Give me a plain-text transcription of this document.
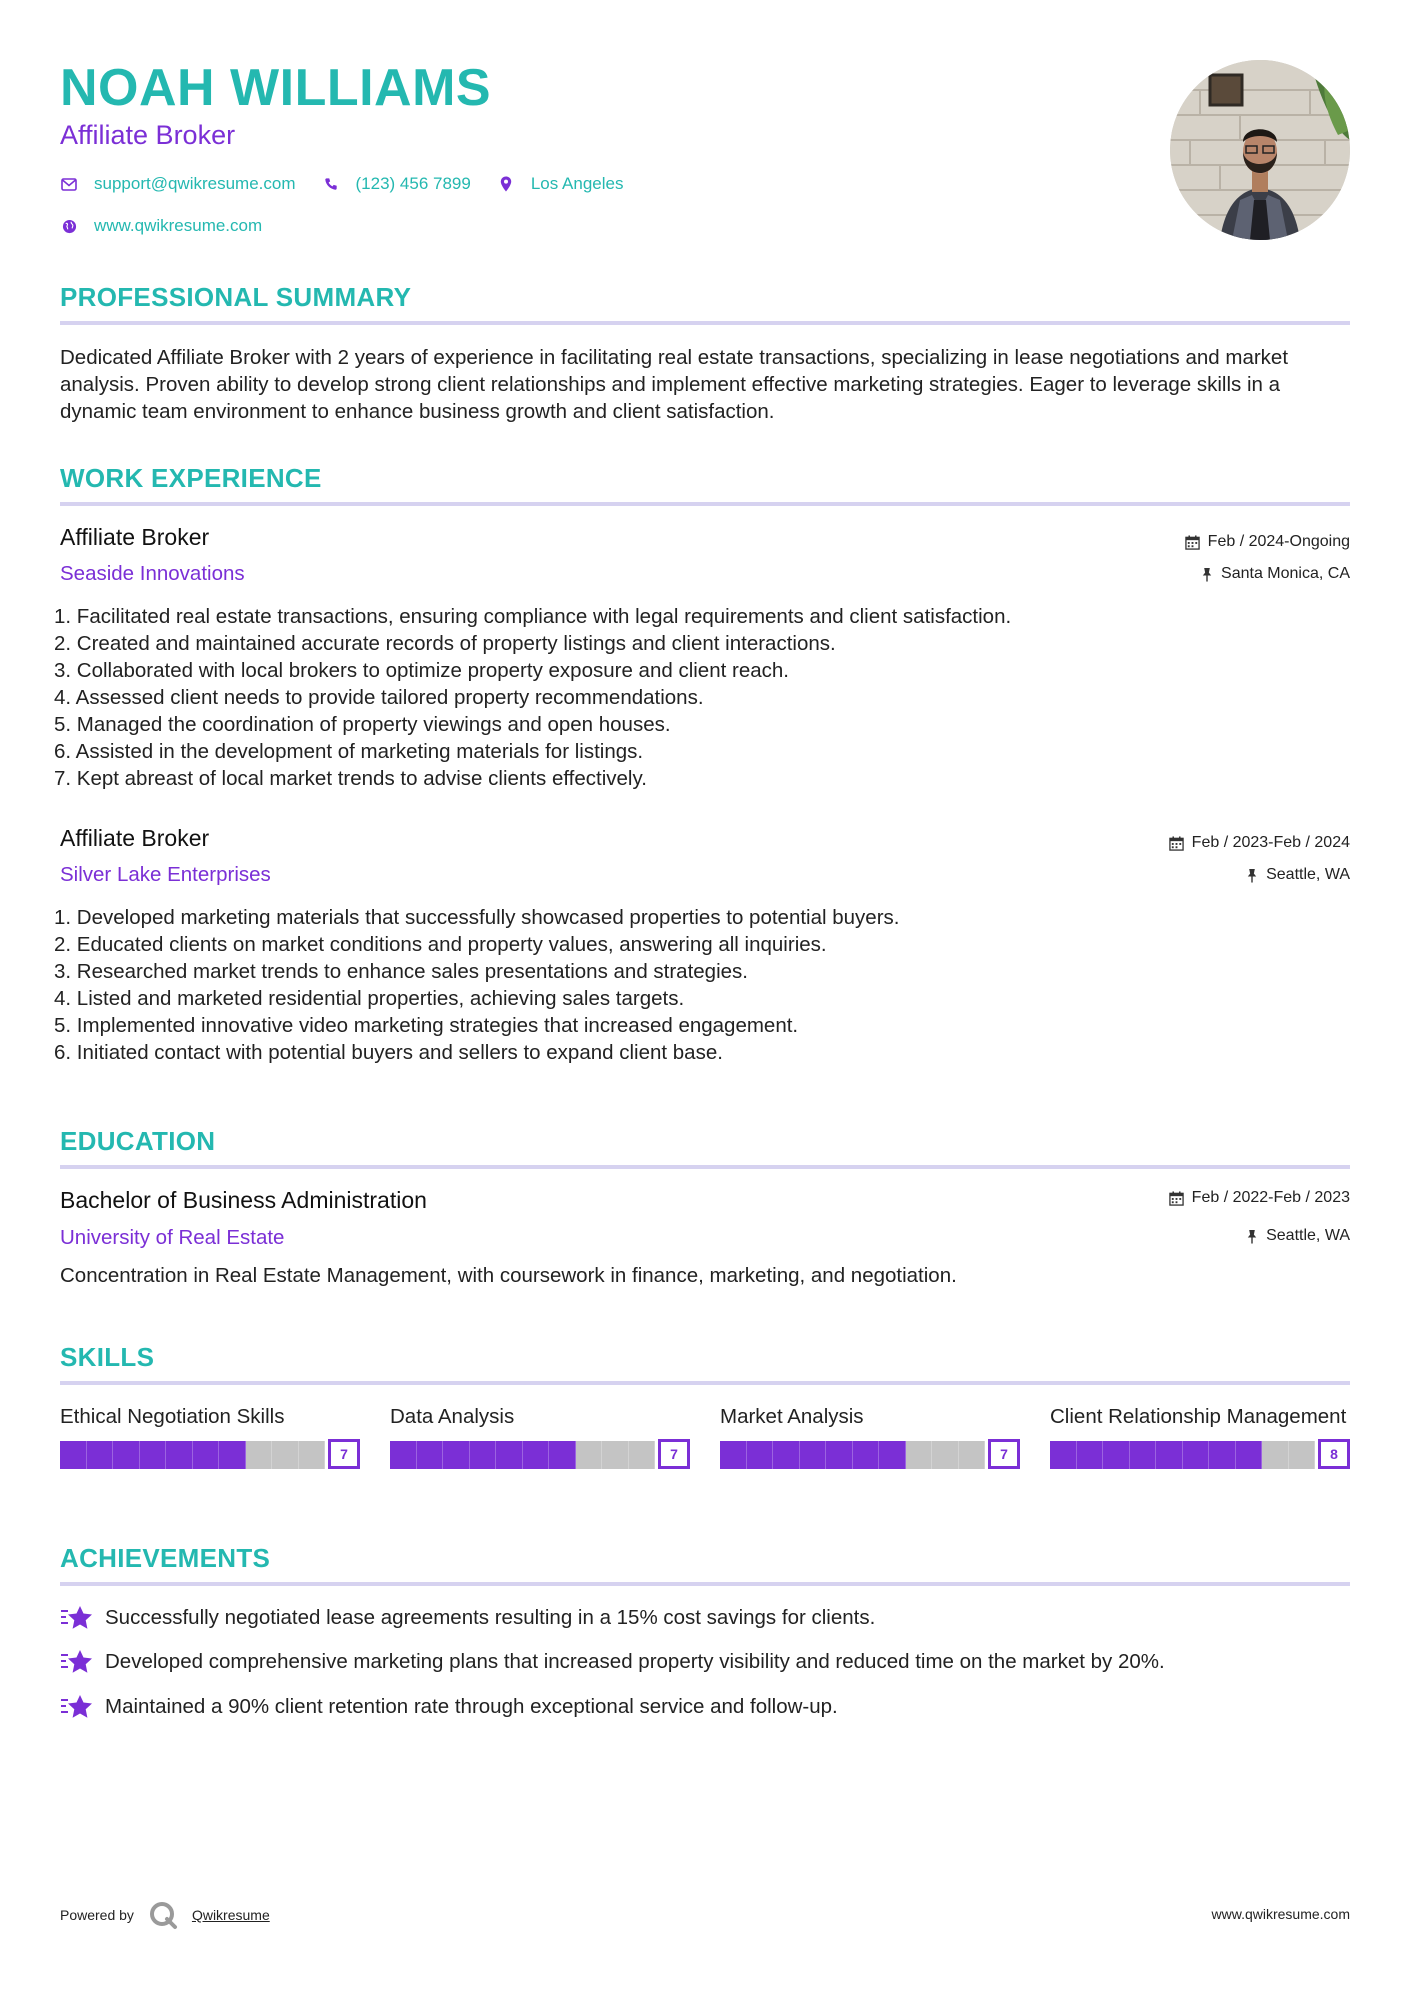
NOAH WILLIAMS
Affiliate Broker
support@qwikresume.com	(123) 456 7899	Los Angeles
www.qwikresume.com
PROFESSIONAL SUMMARY
Dedicated Affiliate Broker with 2 years of experience in facilitating real estate transactions, specializing in lease negotiations and market analysis. Proven ability to develop strong client relationships and implement effective marketing strategies. Eager to leverage skills in a dynamic team environment to enhance business growth and client satisfaction.
WORK EXPERIENCE
Affiliate Broker	Feb / 2024-Ongoing
Seaside Innovations	Santa Monica, CA
1. Facilitated real estate transactions, ensuring compliance with legal requirements and client satisfaction.
2. Created and maintained accurate records of property listings and client interactions.
3. Collaborated with local brokers to optimize property exposure and client reach.
4. Assessed client needs to provide tailored property recommendations.
5. Managed the coordination of property viewings and open houses.
6. Assisted in the development of marketing materials for listings.
7. Kept abreast of local market trends to advise clients effectively.
Affiliate Broker	Feb / 2023-Feb / 2024
Silver Lake Enterprises	Seattle, WA
1. Developed marketing materials that successfully showcased properties to potential buyers.
2. Educated clients on market conditions and property values, answering all inquiries.
3. Researched market trends to enhance sales presentations and strategies.
4. Listed and marketed residential properties, achieving sales targets.
5. Implemented innovative video marketing strategies that increased engagement.
6. Initiated contact with potential buyers and sellers to expand client base.
EDUCATION
Bachelor of Business Administration	Feb / 2022-Feb / 2023
University of Real Estate	Seattle, WA
Concentration in Real Estate Management, with coursework in finance, marketing, and negotiation.
SKILLS
Ethical Negotiation Skills
7
Data Analysis
7
Market Analysis
7
Client Relationship Management
8
ACHIEVEMENTS
Successfully negotiated lease agreements resulting in a 15% cost savings for clients.
Developed comprehensive marketing plans that increased property visibility and reduced time on the market by 20%.
Maintained a 90% client retention rate through exceptional service and follow-up.
Powered by	Qwikresume	www.qwikresume.com
